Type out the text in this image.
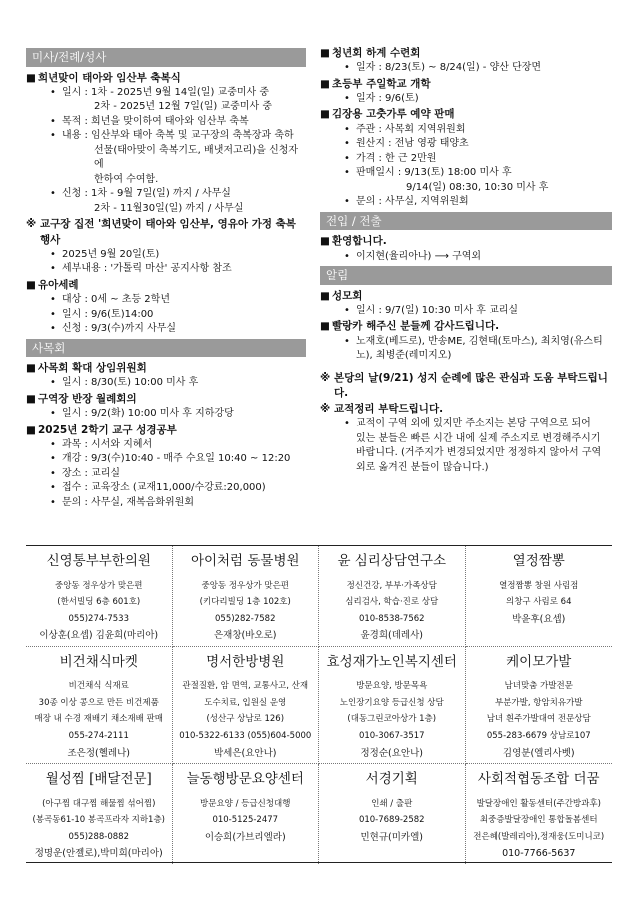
미사/전례/성사
■ 희년맞이 태아와 임산부 축복식
• 일시 : 1차 - 2025년 9월 14일(일) 교중미사 중
2차 - 2025년 12월 7일(일) 교중미사 중
• 목적 : 희년을 맞이하여 태아와 임산부 축복
• 내용 : 임산부와 태아 축복 및 교구장의 축복장과 축하
선물(태아맞이 축복기도, 배냇저고리)을 신청자에
한하여 수여함.
• 신청 : 1차 - 9월 7일(일) 까지 / 사무실
2차 - 11월30일(일) 까지 / 사무실
※ 교구장 집전 '희년맞이 태아와 임산부, 영유아 가정 축복 행사
• 2025년 9월 20일(토)
• 세부내용 : '가톨릭 마산' 공지사항 참조
■ 유아세례
• 대상 : 0세 ~ 초등 2학년
• 일시 : 9/6(토)14:00
• 신청 : 9/3(수)까지 사무실
사목회
■ 사목회 확대 상임위원회
• 일시 : 8/30(토) 10:00 미사 후
■ 구역장 반장 월례회의
• 일시 : 9/2(화) 10:00 미사 후 지하강당
■ 2025년 2학기 교구 성경공부
• 과목 : 시서와 지혜서
• 개강 : 9/3(수)10:40 - 매주 수요일 10:40 ~ 12:20
• 장소 : 교리실
• 접수 : 교육장소 (교재11,000/수강료:20,000)
• 문의 : 사무실, 재복음화위원회
■ 청년회 하계 수련회
• 일자 : 8/23(토) ~ 8/24(일) - 양산 단장면
■ 초등부 주일학교 개학
• 일자 : 9/6(토)
■ 김장용 고춧가루 예약 판매
• 주관 : 사목회 지역위원회
• 원산지 : 전남 영광 태양초
• 가격 : 한 근 2만원
• 판매일시 : 9/13(토) 18:00 미사 후
9/14(일) 08:30, 10:30 미사 후
• 문의 : 사무실, 지역위원회
전입 / 전출
■ 환영합니다.
• 이지현(율리아나) ⟶ 구역외
알림
■ 성모회
• 일시 : 9/7(일) 10:30 미사 후 교리실
■ 빨랑카 해주신 분들께 감사드립니다.
• 노재호(베드로), 반송ME, 김현태(토마스), 최치영(유스티
노), 최병준(레미지오)
※ 본당의 날(9/21) 성지 순례에 많은 관심과 도움 부탁드립니
다.
※ 교적정리 부탁드립니다.
• 교적이 구역 외에 있지만 주소지는 본당 구역으로 되어
있는 분들은 빠른 시간 내에 실제 주소지로 변경해주시기
바랍니다. (거주지가 변경되었지만 정정하지 않아서 구역
외로 옮겨진 분들이 많습니다.)
신영통부부한의원
중앙동 정우상가 맞은편
(한서빌딩 6층 601호)
055)274-7533
이상훈(요셉) 김윤희(마리아)
아이처럼 동물병원
중앙동 정우상가 맞은편
(키다리빌딩 1층 102호)
055)282-7582
은재창(바오로)
윤 심리상담연구소
정신건강, 부부·가족상담
심리검사, 학습·진로 상담
010-8538-7562
윤경희(데레사)
열정짬뽕
열정짬뽕 창원 사림점
의창구 사림로 64
박윤후(요셉)
비건채식마켓
비건채식 식재료
30종 이상 콩으로 만든 비건제품
매장 내 수경 재배기 채소재배 판매
055-274-2111
조은정(헬레나)
명서한방병원
관절질환, 암 면역, 교통사고, 산재
도수치료, 입원실 운영
(성산구 상남로 126)
010-5322-6133 (055)604-5000
박세은(요안나)
효성재가노인복지센터
방문요양, 방문목욕
노인장기요양 등급신청 상담
(대동그린코아상가 1층)
010-3067-3517
정정순(요안나)
케이모가발
남녀맞춤 가발전문
부분가발, 항암치유가발
남녀 흰주가발대여 전문상담
055-283-6679 상남로107
김영분(엘리사벳)
월성찜 [배달전문]
(아구찜 대구찜 해물찜 섞어찜)
(봉곡동61-10 봉곡프라자 지하1층)
055)288-0882
정명운(안젤로),박미희(마리아)
늘동행방문요양센터
방문요양 / 등급신청대행
010-5125-2477
이승희(가브리엘라)
서경기획
인쇄 / 출판
010-7689-2582
민현규(미카엘)
사회적협동조합 더꿈
발달장애인 활동센터(주간방과후)
최중증발달장애인 통합돌봄센터
전은혜(발레리아),정재웅(도미니코)
010-7766-5637
